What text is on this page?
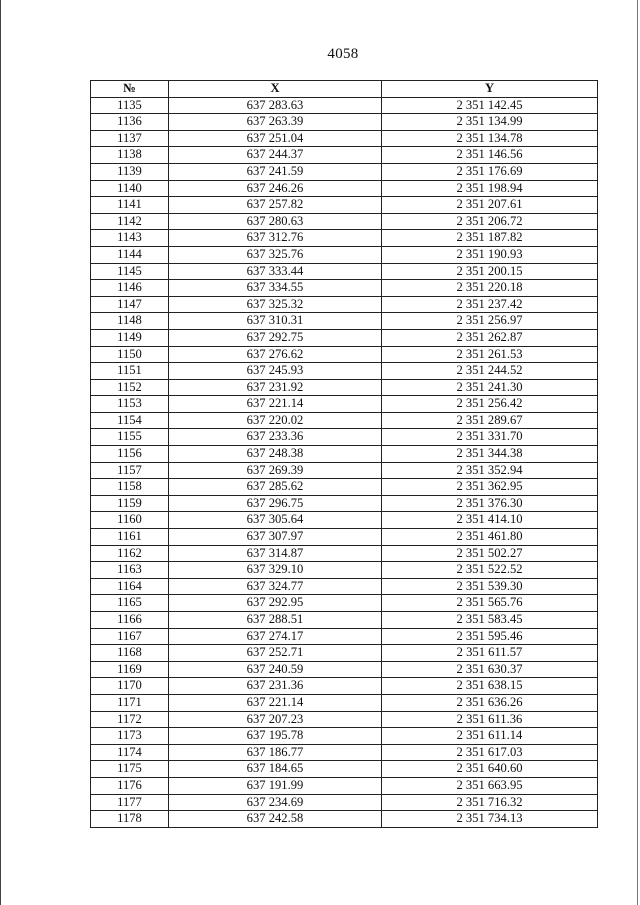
4058
№	X	Y
1135	637 283.63	2 351 142.45
1136	637 263.39	2 351 134.99
1137	637 251.04	2 351 134.78
1138	637 244.37	2 351 146.56
1139	637 241.59	2 351 176.69
1140	637 246.26	2 351 198.94
1141	637 257.82	2 351 207.61
1142	637 280.63	2 351 206.72
1143	637 312.76	2 351 187.82
1144	637 325.76	2 351 190.93
1145	637 333.44	2 351 200.15
1146	637 334.55	2 351 220.18
1147	637 325.32	2 351 237.42
1148	637 310.31	2 351 256.97
1149	637 292.75	2 351 262.87
1150	637 276.62	2 351 261.53
1151	637 245.93	2 351 244.52
1152	637 231.92	2 351 241.30
1153	637 221.14	2 351 256.42
1154	637 220.02	2 351 289.67
1155	637 233.36	2 351 331.70
1156	637 248.38	2 351 344.38
1157	637 269.39	2 351 352.94
1158	637 285.62	2 351 362.95
1159	637 296.75	2 351 376.30
1160	637 305.64	2 351 414.10
1161	637 307.97	2 351 461.80
1162	637 314.87	2 351 502.27
1163	637 329.10	2 351 522.52
1164	637 324.77	2 351 539.30
1165	637 292.95	2 351 565.76
1166	637 288.51	2 351 583.45
1167	637 274.17	2 351 595.46
1168	637 252.71	2 351 611.57
1169	637 240.59	2 351 630.37
1170	637 231.36	2 351 638.15
1171	637 221.14	2 351 636.26
1172	637 207.23	2 351 611.36
1173	637 195.78	2 351 611.14
1174	637 186.77	2 351 617.03
1175	637 184.65	2 351 640.60
1176	637 191.99	2 351 663.95
1177	637 234.69	2 351 716.32
1178	637 242.58	2 351 734.13
